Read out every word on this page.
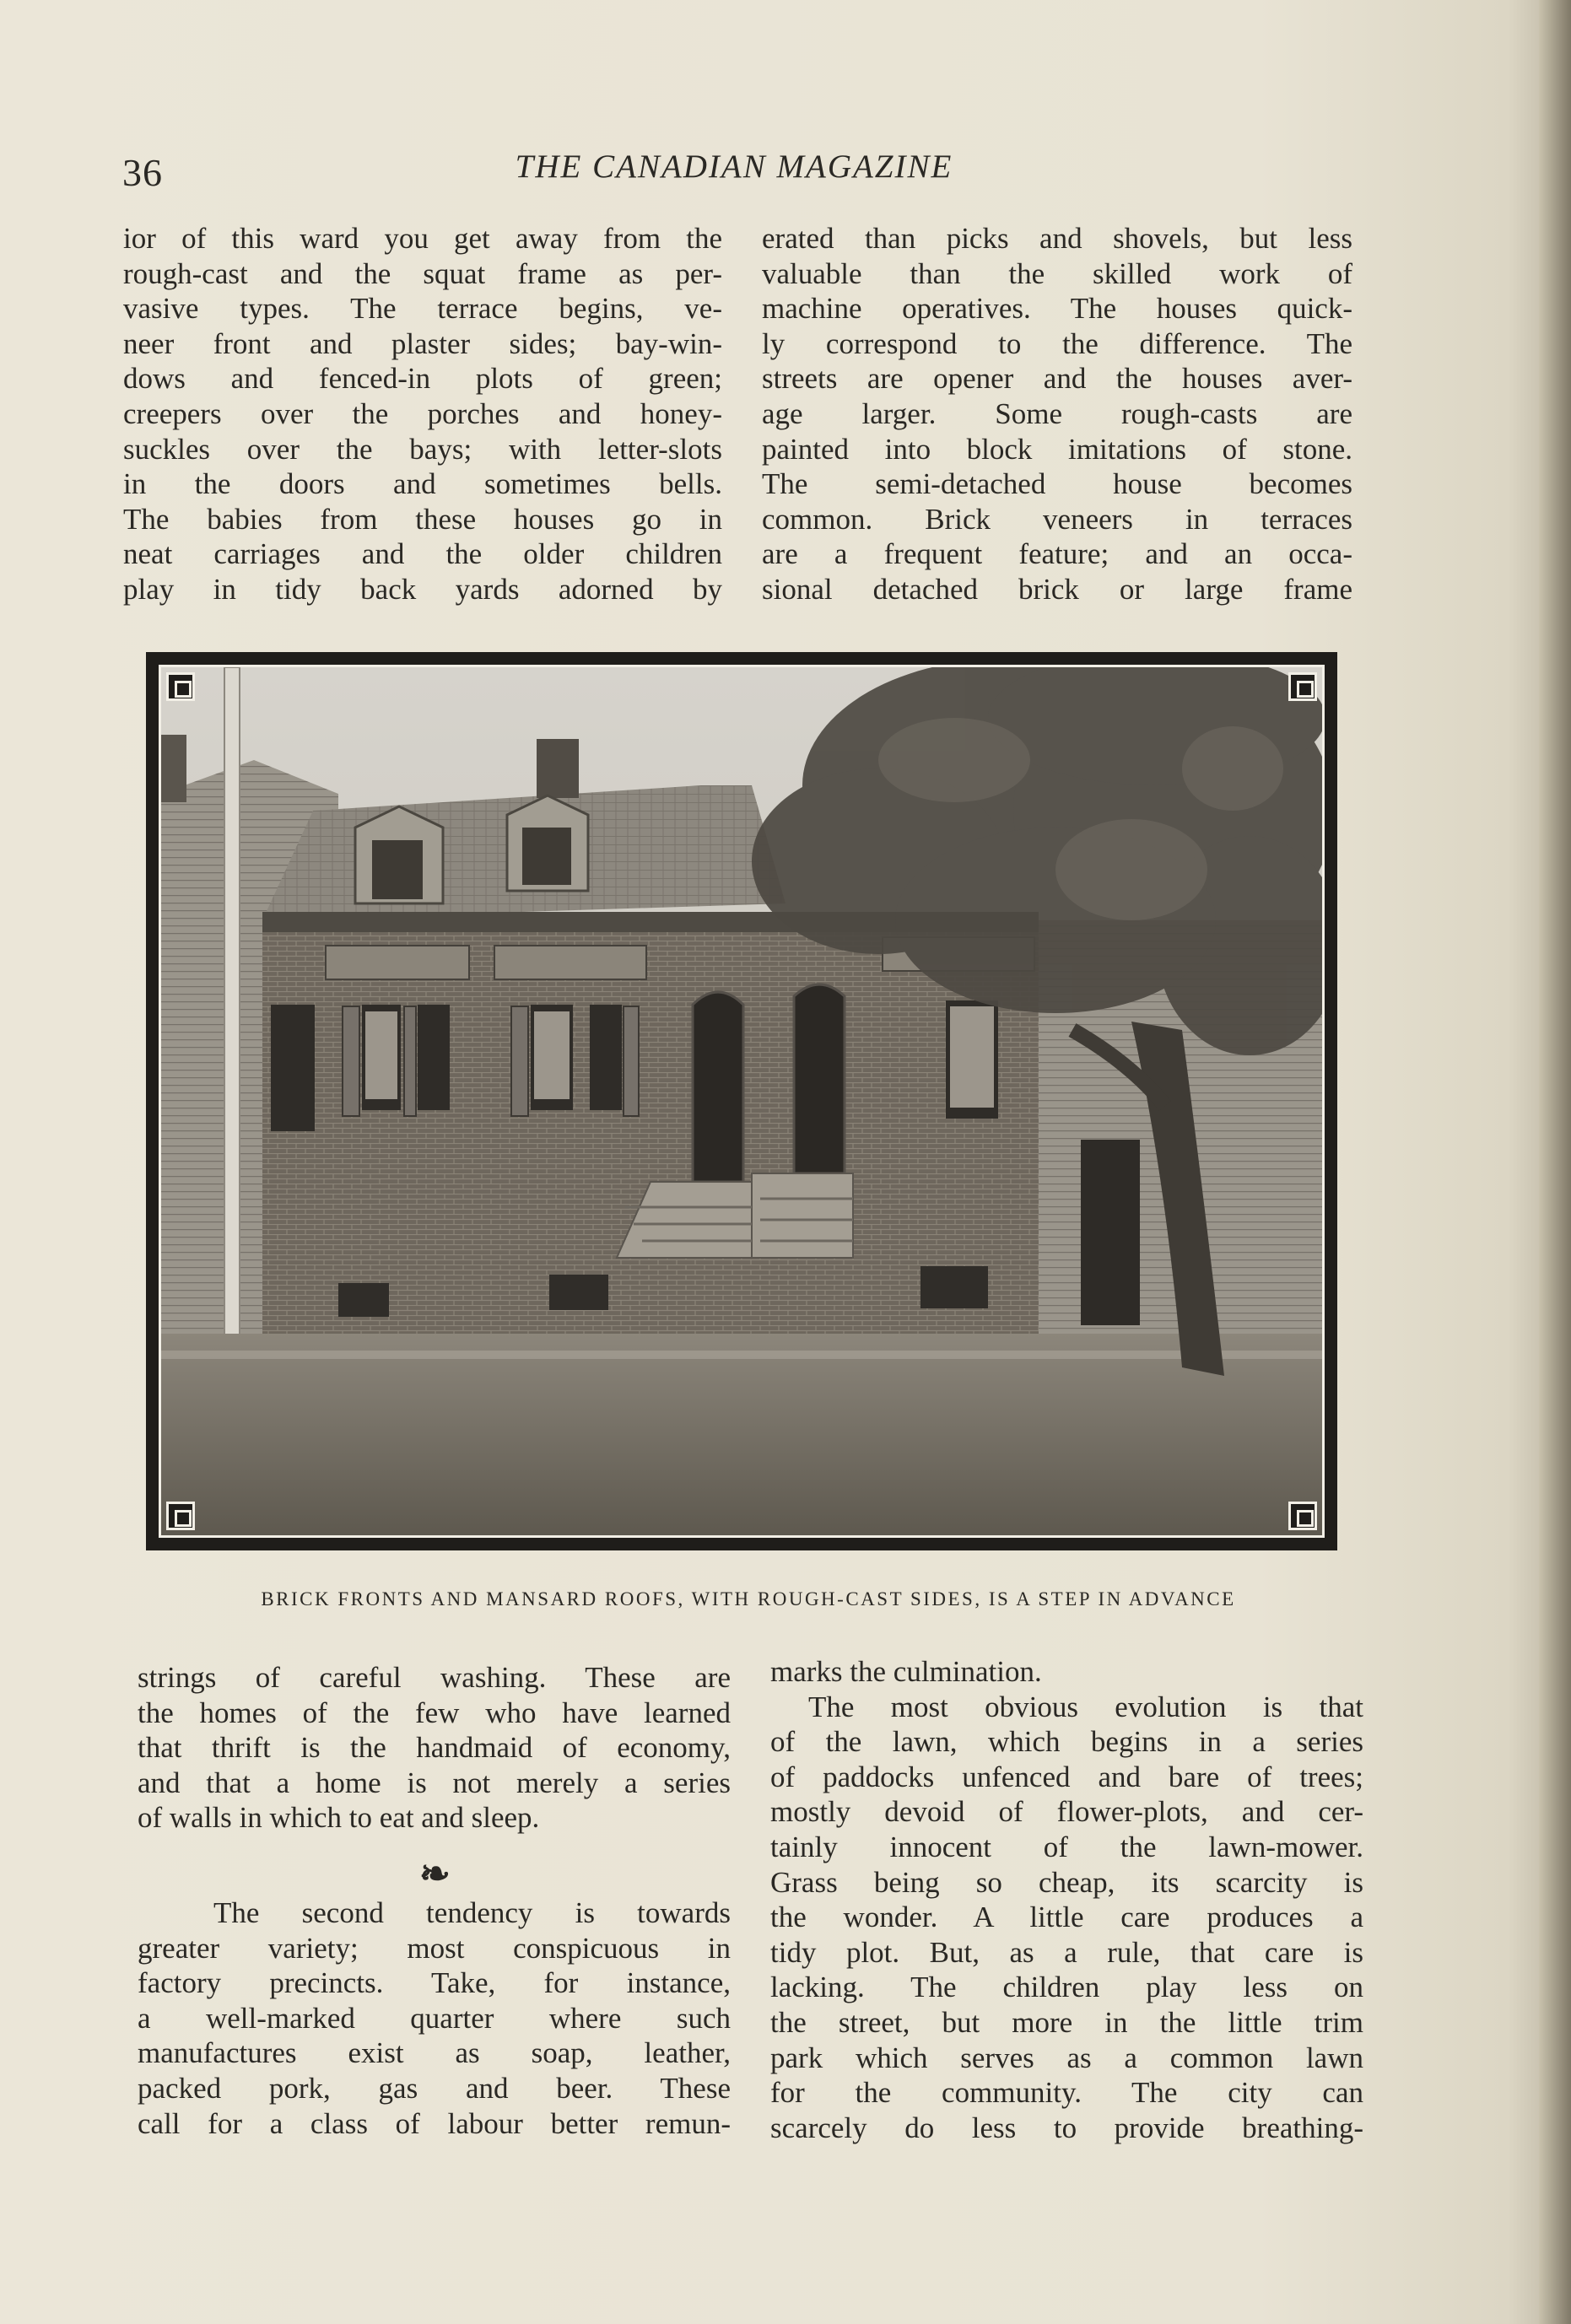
36	THE CANADIAN MAGAZINE
ior of this ward you get away from the
rough-cast and the squat frame as per-
vasive types. The terrace begins, ve-
neer front and plaster sides; bay-win-
dows and fenced-in plots of green;
creepers over the porches and honey-
suckles over the bays; with letter-slots
in the doors and sometimes bells.
The babies from these houses go in
neat carriages and the older children
play in tidy back yards adorned by
erated than picks and shovels, but less
valuable than the skilled work of
machine operatives. The houses quick-
ly correspond to the difference. The
streets are opener and the houses aver-
age larger. Some rough-casts are
painted into block imitations of stone.
The semi-detached house becomes
common. Brick veneers in terraces
are a frequent feature; and an occa-
sional detached brick or large frame
BRICK FRONTS AND MANSARD ROOFS, WITH ROUGH-CAST SIDES, IS A STEP IN ADVANCE
strings of careful washing. These are
the homes of the few who have learned
that thrift is the handmaid of economy,
and that a home is not merely a series
of walls in which to eat and sleep.
❧
The second tendency is towards
greater variety; most conspicuous in
factory precincts. Take, for instance,
a well-marked quarter where such
manufactures exist as soap, leather,
packed pork, gas and beer. These
call for a class of labour better remun-
marks the culmination.
The most obvious evolution is that
of the lawn, which begins in a series
of paddocks unfenced and bare of trees;
mostly devoid of flower-plots, and cer-
tainly innocent of the lawn-mower.
Grass being so cheap, its scarcity is
the wonder. A little care produces a
tidy plot. But, as a rule, that care is
lacking. The children play less on
the street, but more in the little trim
park which serves as a common lawn
for the community. The city can
scarcely do less to provide breathing-
